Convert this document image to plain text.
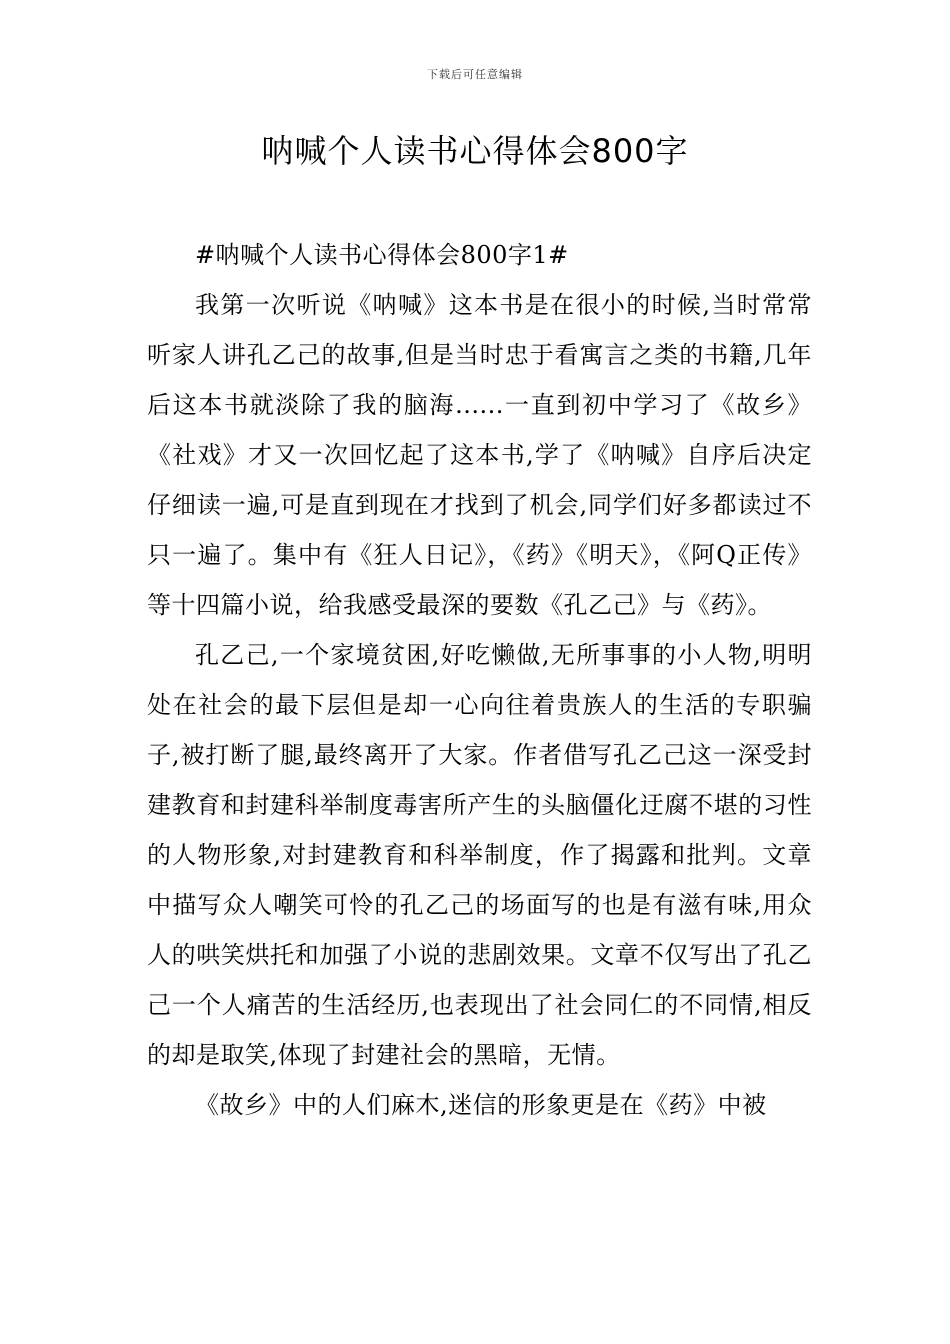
下载后可任意编辑
呐喊个人读书心得体会800字

#呐喊个人读书心得体会800字1#

我第一次听说《呐喊》这本书是在很小的时候,当时常常听家人讲孔乙己的故事,但是当时忠于看寓言之类的书籍,几年后这本书就淡除了我的脑海......一直到初中学习了《故乡》《社戏》才又一次回忆起了这本书,学了《呐喊》自序后决定仔细读一遍,可是直到现在才找到了机会,同学们好多都读过不只一遍了。集中有《狂人日记》，《药》《明天》，《阿Q正传》等十四篇小说，给我感受最深的要数《孔乙己》与《药》。

孔乙己,一个家境贫困,好吃懒做,无所事事的小人物,明明处在社会的最下层但是却一心向往着贵族人的生活的专职骗子,被打断了腿,最终离开了大家。作者借写孔乙己这一深受封建教育和封建科举制度毒害所产生的头脑僵化迂腐不堪的习性的人物形象,对封建教育和科举制度，作了揭露和批判。文章中描写众人嘲笑可怜的孔乙己的场面写的也是有滋有味,用众人的哄笑烘托和加强了小说的悲剧效果。文章不仅写出了孔乙己一个人痛苦的生活经历,也表现出了社会同仁的不同情,相反的却是取笑,体现了封建社会的黑暗，无情。

《故乡》中的人们麻木,迷信的形象更是在《药》中被
